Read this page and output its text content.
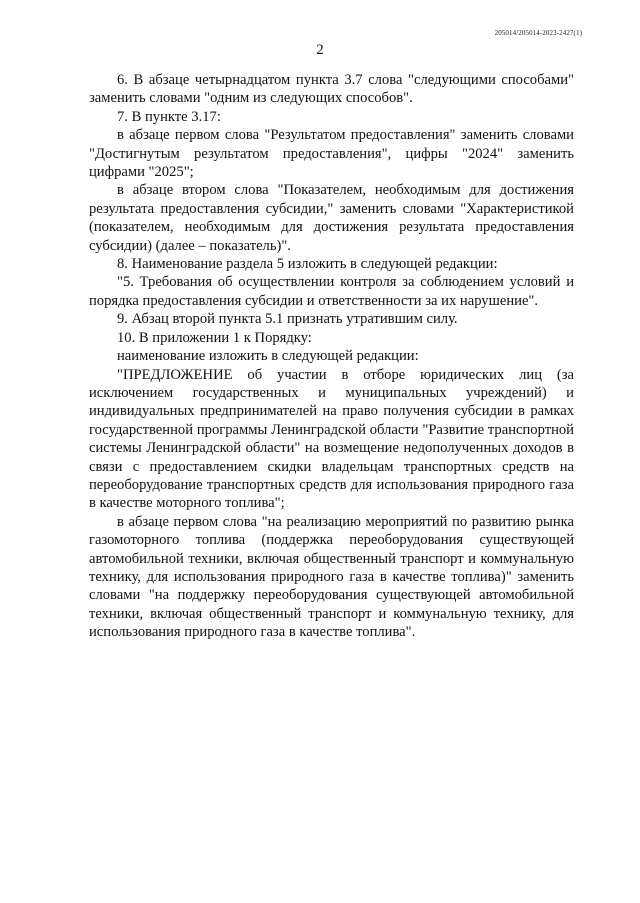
205014/205014-2023-2427(1)
2

6. В абзаце четырнадцатом пункта 3.7 слова "следующими способами" заменить словами "одним из следующих способов".

7. В пункте 3.17:

в абзаце первом слова "Результатом предоставления" заменить словами "Достигнутым результатом предоставления", цифры "2024" заменить цифрами "2025";

в абзаце втором слова "Показателем, необходимым для достижения результата предоставления субсидии," заменить словами "Характеристикой (показателем, необходимым для достижения результата предоставления субсидии) (далее – показатель)".

8. Наименование раздела 5 изложить в следующей редакции:

"5. Требования об осуществлении контроля за соблюдением условий и порядка предоставления субсидии и ответственности за их нарушение".

9. Абзац второй пункта 5.1 признать утратившим силу.

10. В приложении 1 к Порядку:

наименование изложить в следующей редакции:

"ПРЕДЛОЖЕНИЕ об участии в отборе юридических лиц (за исключением государственных и муниципальных учреждений) и индивидуальных предпринимателей на право получения субсидии в рамках государственной программы Ленинградской области "Развитие транспортной системы Ленинградской области" на возмещение недополученных доходов в связи с предоставлением скидки владельцам транспортных средств на переоборудование транспортных средств для использования природного газа в качестве моторного топлива";

в абзаце первом слова "на реализацию мероприятий по развитию рынка газомоторного топлива (поддержка переоборудования существующей автомобильной техники, включая общественный транспорт и коммунальную технику, для использования природного газа в качестве топлива)" заменить словами "на поддержку переоборудования существующей автомобильной техники, включая общественный транспорт и коммунальную технику, для использования природного газа в качестве топлива".
